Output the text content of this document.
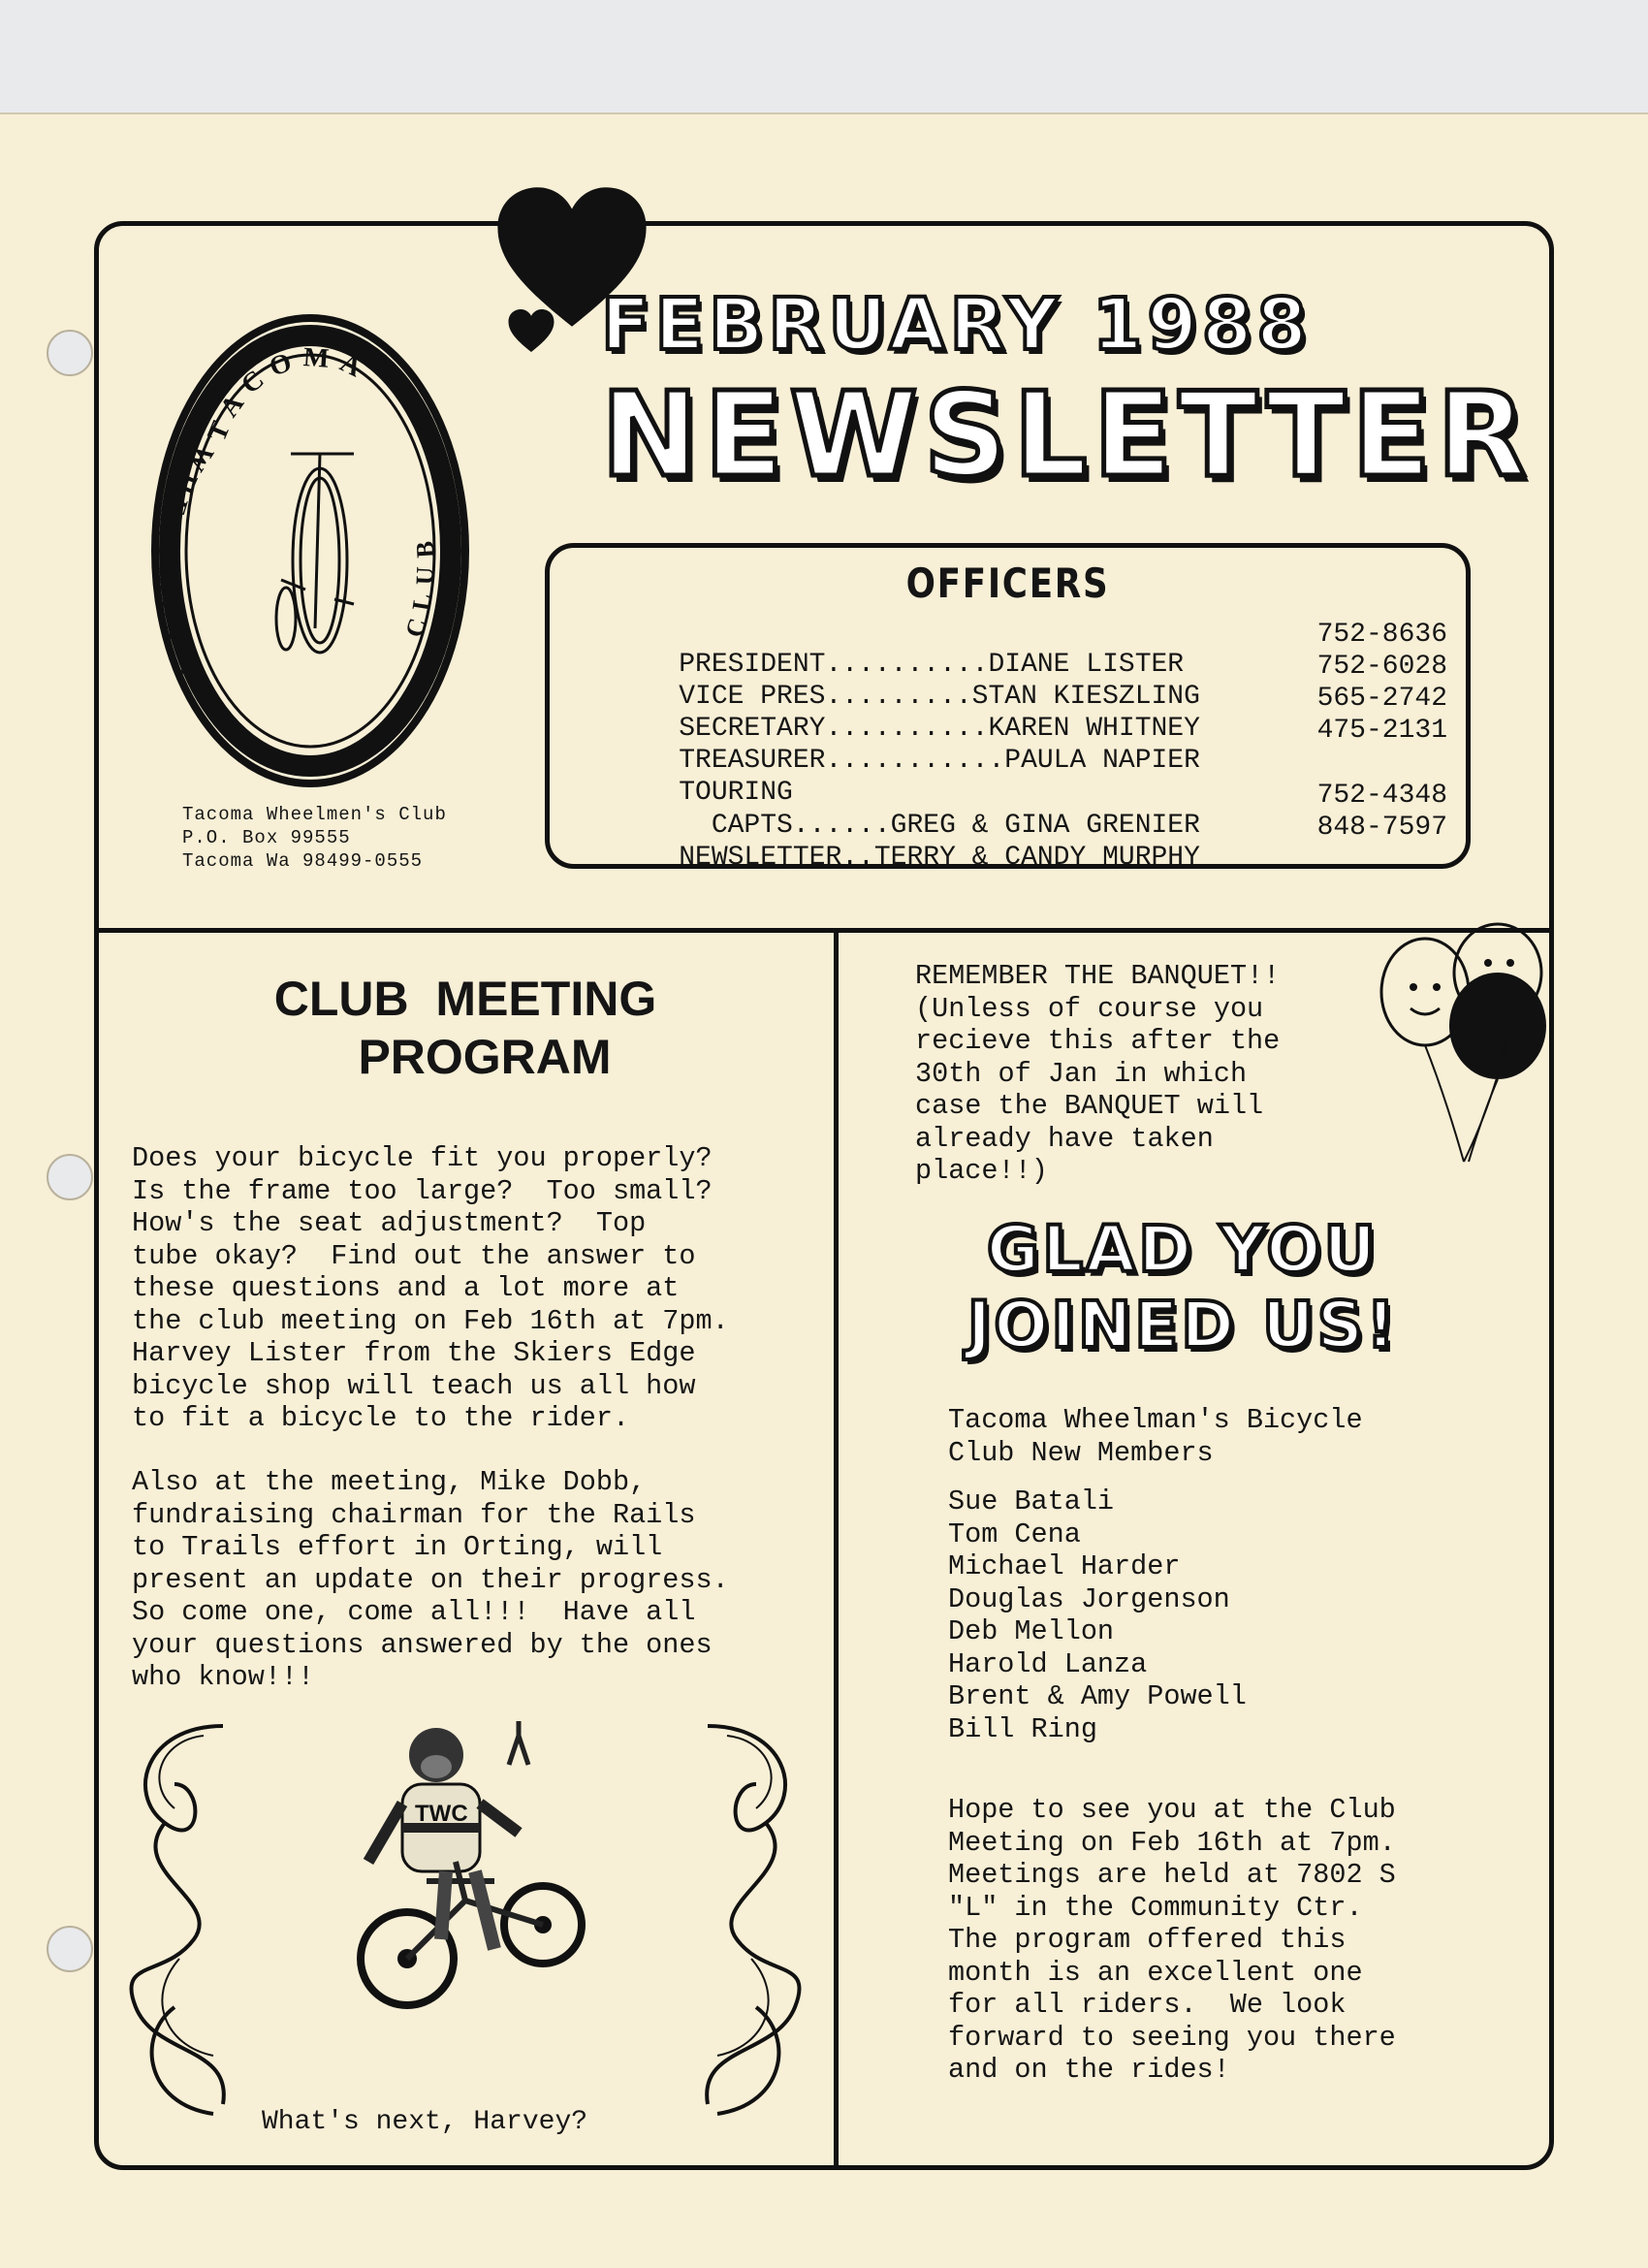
FEBRUARY 1988
NEWSLETTER
TACOMA
WHEELMEN'S
CLUB
Tacoma Wheelmen's Club
P.O. Box 99555
Tacoma Wa 98499-0555
OFFICERS

PRESIDENT..........DIANE LISTER

752-8636

VICE PRES.........STAN KIESZLING

752-6028

SECRETARY..........KAREN WHITNEY

565-2742

TREASURER...........PAULA NAPIER

475-2131

TOURING

CAPTS......GREG & GINA GRENIER

752-4348

NEWSLETTER..TERRY & CANDY MURPHY

848-7597

CLUB  MEETING
PROGRAM
Does your bicycle fit you properly?
Is the frame too large?  Too small?
How's the seat adjustment?  Top
tube okay?  Find out the answer to
these questions and a lot more at
the club meeting on Feb 16th at 7pm.
Harvey Lister from the Skiers Edge
bicycle shop will teach us all how
to fit a bicycle to the rider.
Also at the meeting, Mike Dobb,
fundraising chairman for the Rails
to Trails effort in Orting, will
present an update on their progress.
So come one, come all!!!  Have all
your questions answered by the ones
who know!!!
TWC
What's next, Harvey?
REMEMBER THE BANQUET!!
(Unless of course you
recieve this after the
30th of Jan in which
case the BANQUET will
already have taken
place!!)
GLAD YOU
JOINED US!
Tacoma Wheelman's Bicycle
Club New Members
Sue Batali
Tom Cena
Michael Harder
Douglas Jorgenson
Deb Mellon
Harold Lanza
Brent & Amy Powell
Bill Ring
Hope to see you at the Club
Meeting on Feb 16th at 7pm.
Meetings are held at 7802 S
"L" in the Community Ctr.
The program offered this
month is an excellent one
for all riders.  We look
forward to seeing you there
and on the rides!
